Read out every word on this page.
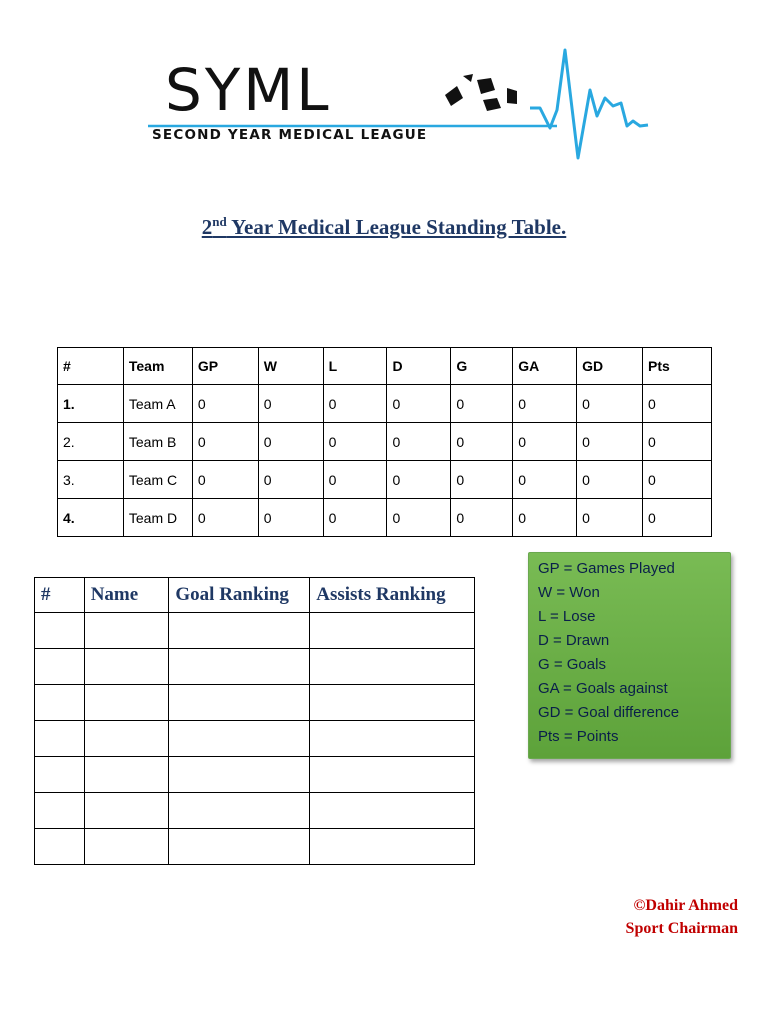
SYML
SECOND YEAR MEDICAL LEAGUE
2nd Year Medical League Standing Table.
#	Team	GP	W	L	D	G	GA	GD	Pts
1.	Team A	0	0	0	0	0	0	0	0
2.	Team B	0	0	0	0	0	0	0	0
3.	Team C	0	0	0	0	0	0	0	0
4.	Team D	0	0	0	0	0	0	0	0
#	Name	Goal Ranking	Assists Ranking

GP = Games Played
W = Won
L = Lose
D = Drawn
G = Goals
GA = Goals against
GD = Goal difference
Pts = Points
©Dahir Ahmed
Sport Chairman
